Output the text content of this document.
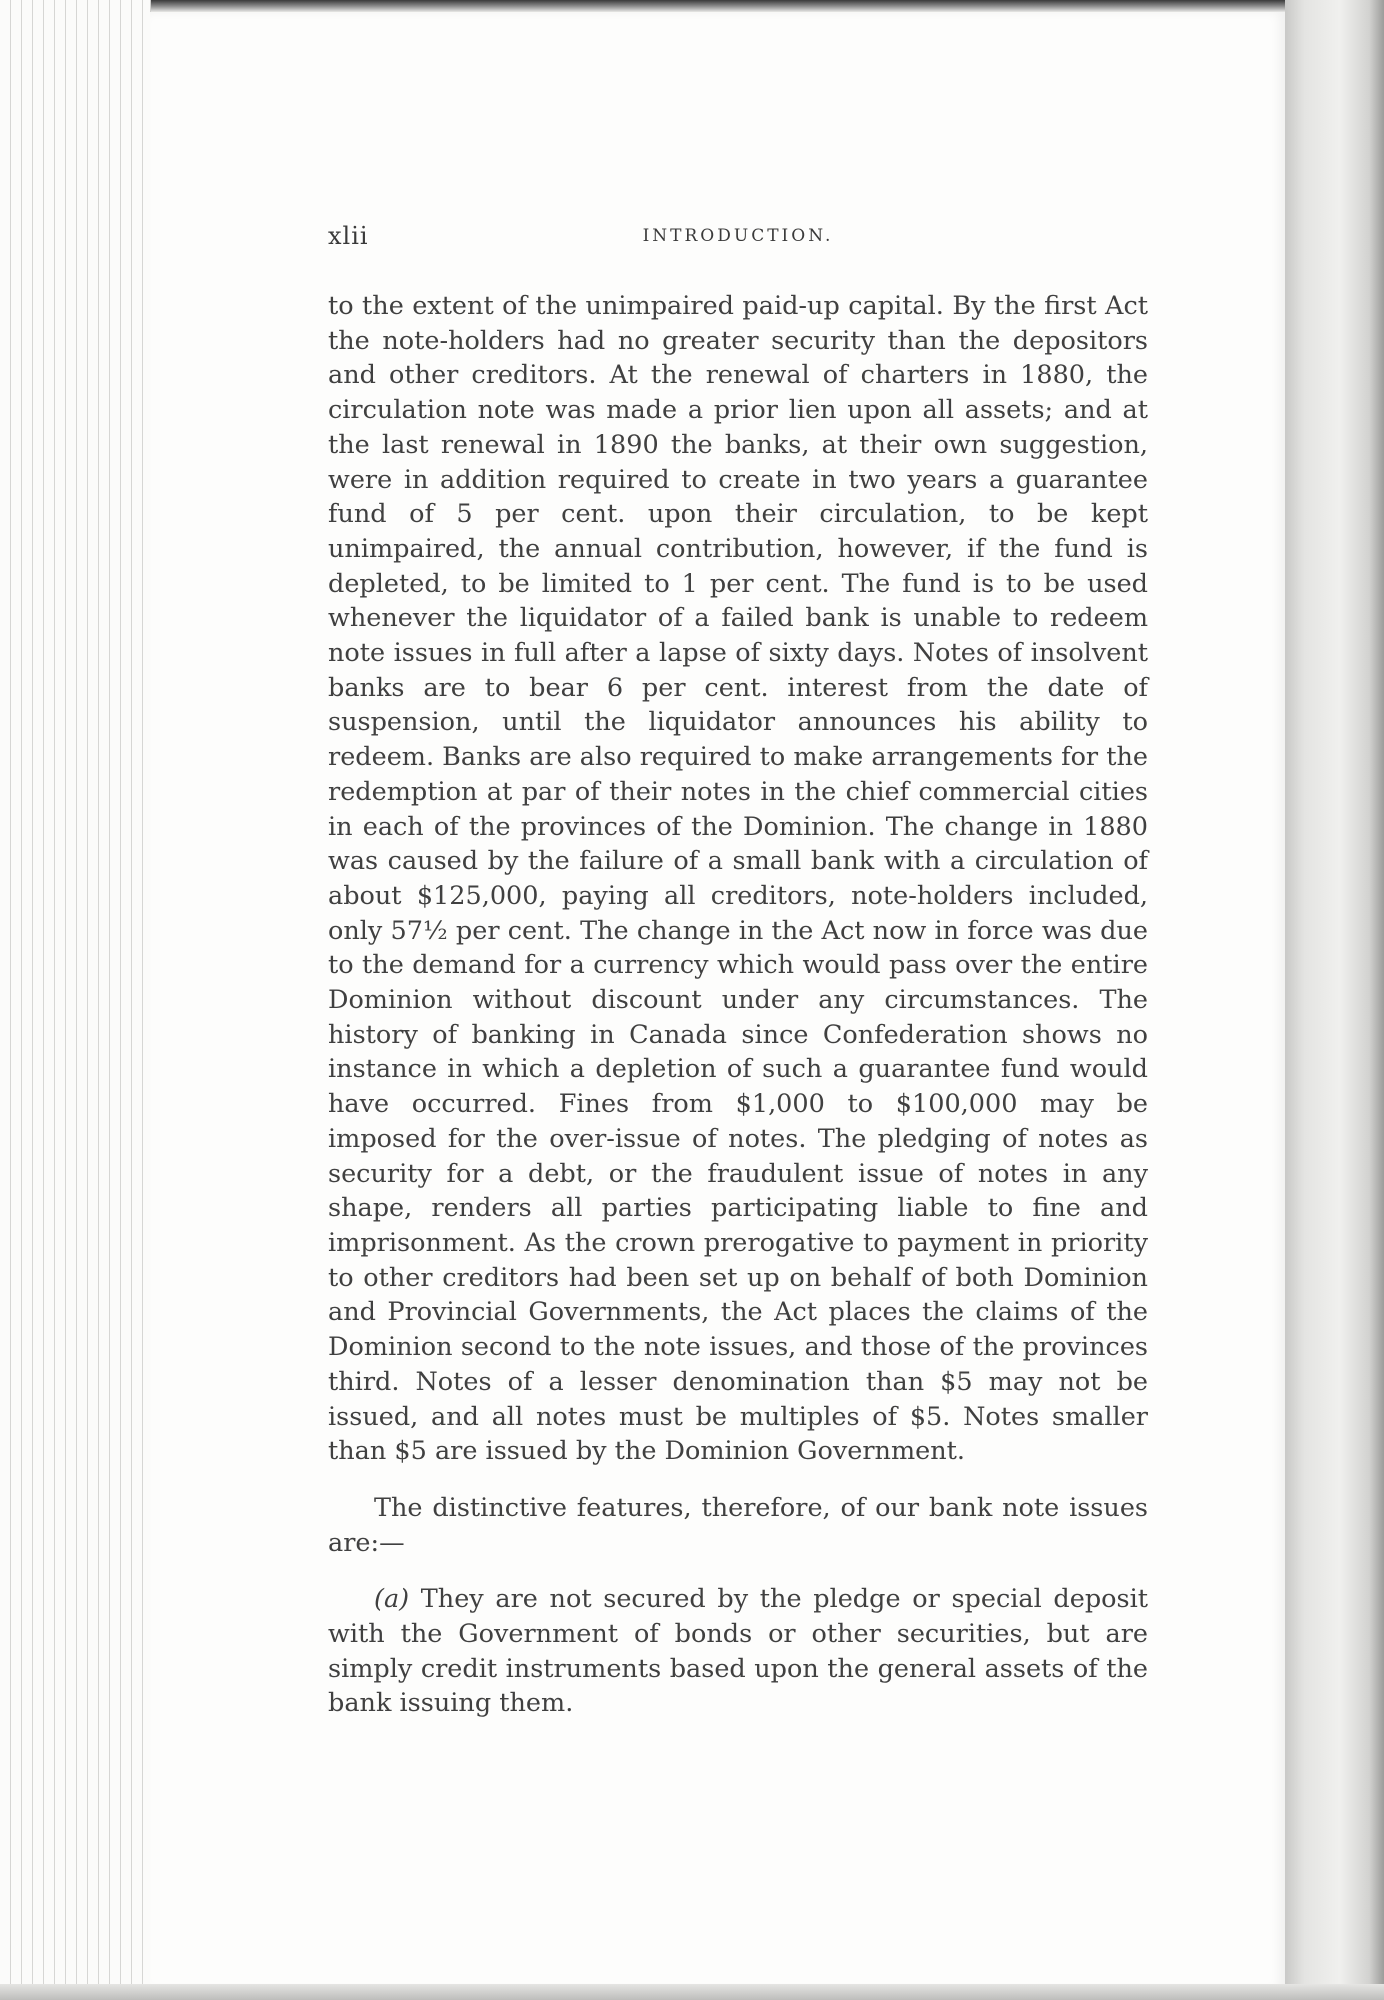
xlii	INTRODUCTION.

to the extent of the unimpaired paid-up capital. By the first Act the note-holders had no greater security than the depositors and other creditors. At the renewal of charters in 1880, the circulation note was made a prior lien upon all assets; and at the last renewal in 1890 the banks, at their own suggestion, were in addition required to create in two years a guarantee fund of 5 per cent. upon their circulation, to be kept unimpaired, the annual contribution, however, if the fund is depleted, to be limited to 1 per cent. The fund is to be used whenever the liquidator of a failed bank is unable to redeem note issues in full after a lapse of sixty days. Notes of insolvent banks are to bear 6 per cent. interest from the date of suspension, until the liquidator announces his ability to redeem. Banks are also required to make arrangements for the redemption at par of their notes in the chief commercial cities in each of the provinces of the Dominion. The change in 1880 was caused by the failure of a small bank with a circulation of about $125,000, paying all creditors, note-holders included, only 57½ per cent. The change in the Act now in force was due to the demand for a currency which would pass over the entire Dominion without discount under any circumstances. The history of banking in Canada since Confederation shows no instance in which a depletion of such a guarantee fund would have occurred. Fines from $1,000 to $100,000 may be imposed for the over-issue of notes. The pledging of notes as security for a debt, or the fraudulent issue of notes in any shape, renders all parties participating liable to fine and imprisonment. As the crown prerogative to payment in priority to other creditors had been set up on behalf of both Dominion and Provincial Governments, the Act places the claims of the Dominion second to the note issues, and those of the provinces third. Notes of a lesser denomination than $5 may not be issued, and all notes must be multiples of $5. Notes smaller than $5 are issued by the Dominion Government.

The distinctive features, therefore, of our bank note issues are:—

(a) They are not secured by the pledge or special deposit with the Government of bonds or other securities, but are simply credit instruments based upon the general assets of the bank issuing them.
